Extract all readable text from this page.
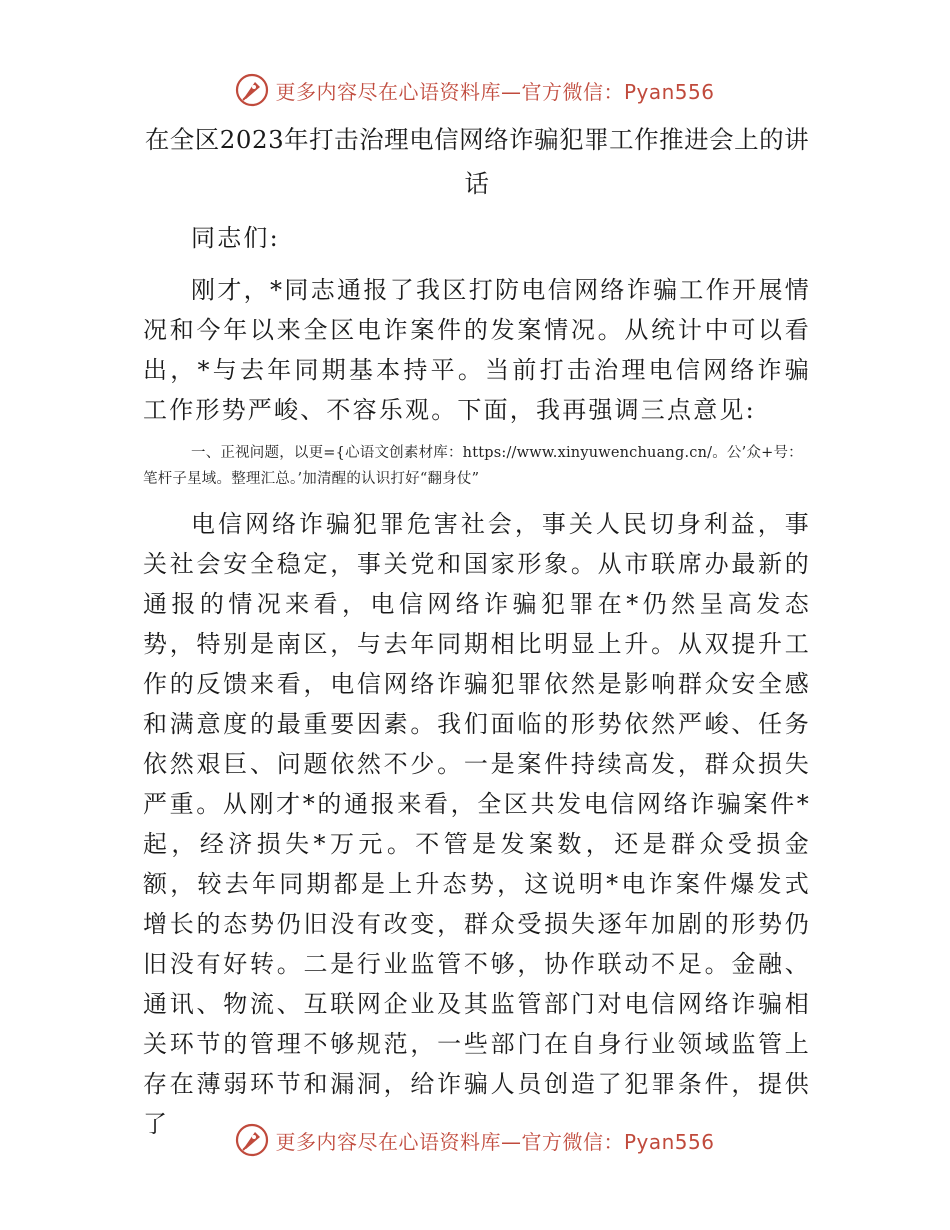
更多内容尽在心语资料库—官方微信：Pyan556
在全区2023年打击治理电信网络诈骗犯罪工作推进会上的讲话

同志们:

刚才，*同志通报了我区打防电信网络诈骗工作开展情况和今年以来全区电诈案件的发案情况。从统计中可以看出，*与去年同期基本持平。当前打击治理电信网络诈骗工作形势严峻、不容乐观。下面，我再强调三点意见:

一、正视问题，以更={心语文创素材库：https://www.xinyuwenchuang.cn/。公’众+号：笔杆子星域。整理汇总。’加清醒的认识打好“翻身仗”

电信网络诈骗犯罪危害社会，事关人民切身利益，事关社会安全稳定，事关党和国家形象。从市联席办最新的通报的情况来看，电信网络诈骗犯罪在*仍然呈高发态势，特别是南区，与去年同期相比明显上升。从双提升工作的反馈来看，电信网络诈骗犯罪依然是影响群众安全感和满意度的最重要因素。我们面临的形势依然严峻、任务依然艰巨、问题依然不少。一是案件持续高发，群众损失严重。从刚才*的通报来看，全区共发电信网络诈骗案件*起，经济损失*万元。不管是发案数，还是群众受损金额，较去年同期都是上升态势，这说明*电诈案件爆发式增长的态势仍旧没有改变，群众受损失逐年加剧的形势仍旧没有好转。二是行业监管不够，协作联动不足。金融、通讯、物流、互联网企业及其监管部门对电信网络诈骗相关环节的管理不够规范，一些部门在自身行业领域监管上存在薄弱环节和漏洞，给诈骗人员创造了犯罪条件，提供了

更多内容尽在心语资料库—官方微信：Pyan556
